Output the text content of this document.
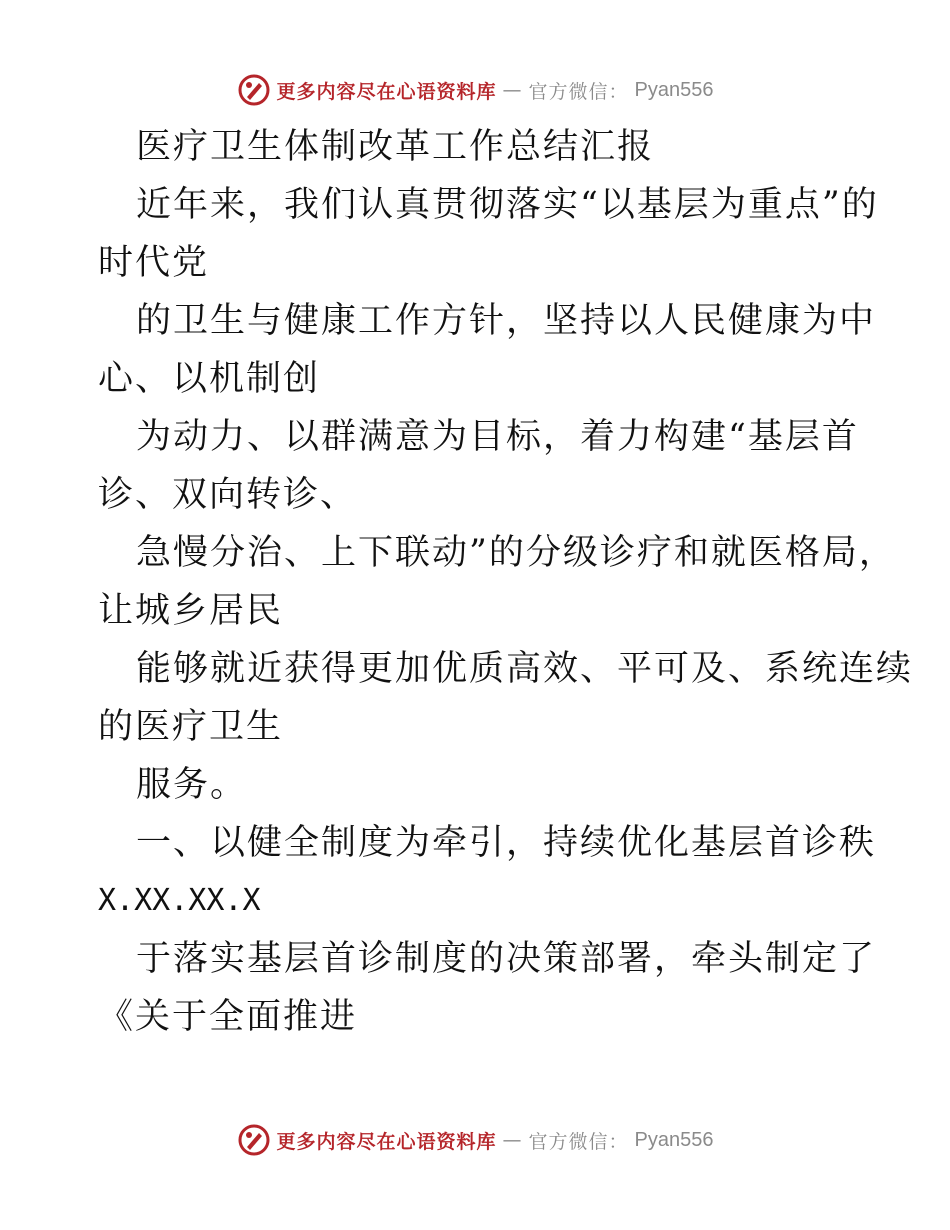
更多内容尽在心语资料库 — 官方微信： Pyan556
医疗卫生体制改革工作总结汇报
近年来，我们认真贯彻落实“以基层为重点”的
时代党
的卫生与健康工作方针，坚持以人民健康为中
心、以机制创
为动力、以群满意为目标，着力构建“基层首
诊、双向转诊、
急慢分治、上下联动”的分级诊疗和就医格局，
让城乡居民
能够就近获得更加优质高效、平可及、系统连续
的医疗卫生
服务。
一、以健全制度为牵引，持续优化基层首诊秩
X.XX.XX.X
于落实基层首诊制度的决策部署，牵头制定了
《关于全面推进
更多内容尽在心语资料库 — 官方微信： Pyan556
